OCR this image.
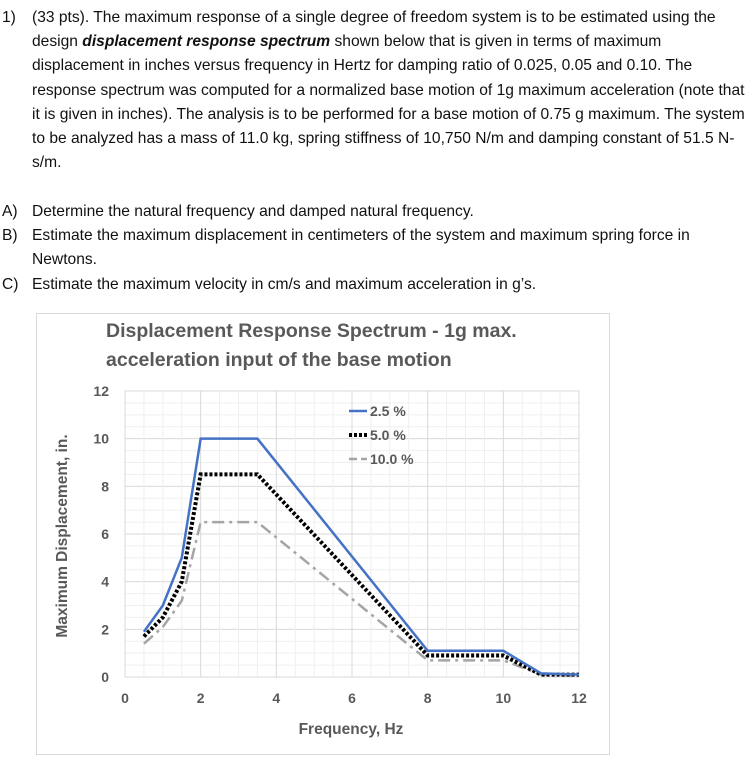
1) (33 pts). The maximum response of a single degree of freedom system is to be estimated using the design displacement response spectrum shown below that is given in terms of maximum displacement in inches versus frequency in Hertz for damping ratio of 0.025, 0.05 and 0.10. The response spectrum was computed for a normalized base motion of 1g maximum acceleration (note that it is given in inches). The analysis is to be performed for a base motion of 0.75 g maximum. The system to be analyzed has a mass of 11.0 kg, spring stiffness of 10,750 N/m and damping constant of 51.5 N-s/m.
A) Determine the natural frequency and damped natural frequency.
B) Estimate the maximum displacement in centimeters of the system and maximum spring force in Newtons.
C) Estimate the maximum velocity in cm/s and maximum acceleration in g’s.
Displacement Response Spectrum - 1g max.
acceleration input of the base motion
0	2	4	6	8	10	12
0
2
4
6
8
10
12
2.5 %
5.0 %
10.0 %
Frequency, Hz
Maximum Displacement, in.
